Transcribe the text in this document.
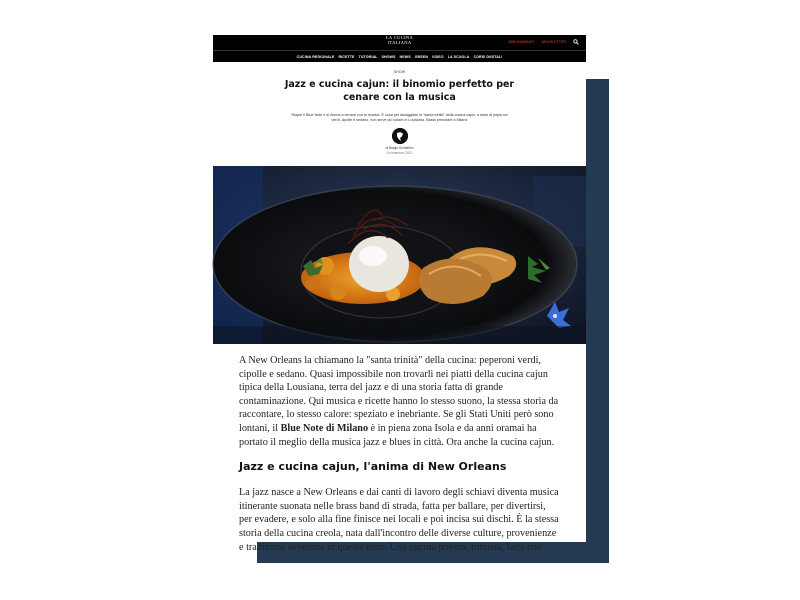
LA CUCINA
ITALIANA	ABBONAMENTI NEWSLETTER
CUCINA REGIONALE RICETTE TUTORIAL SHOWS NEWS GREEN VIDEO LA SCUOLA CORSI DIGITALI
SHOW
Jazz e cucina cajun: il binomio perfetto per cenare con la musica
Riapre il Blue Note e si ritorna a cenare con la musica. E cosa per assaggiare la "santa trinità" della cucina cajun, a base di peperoni verdi, cipolle e sedano, non serve più volare in Louisiana. Basta prenotare a Milano
di Biagio Schiattino
6 novembre 2021

A New Orleans la chiamano la "santa trinità" della cucina: peperoni verdi, cipolle e sedano. Quasi impossibile non trovarli nei piatti della cucina cajun tipica della Lousiana, terra del jazz e di una storia fatta di grande contaminazione. Qui musica e ricette hanno lo stesso suono, la stessa storia da raccontare, lo stesso calore: speziato e inebriante. Se gli Stati Uniti però sono lontani, il Blue Note di Milano è in piena zona Isola e da anni oramai ha portato il meglio della musica jazz e blues in città. Ora anche la cucina cajun.

Jazz e cucina cajun, l'anima di New Orleans

La jazz nasce a New Orleans e dai canti di lavoro degli schiavi diventa musica itinerante suonata nelle brass band di strada, fatta per ballare, per divertirsi, per evadere, e solo alla fine finisce nei locali e poi incisa sui dischi. È la stessa storia della cucina creola, nata dall'incontro delle diverse culture, provenienze e tradizioni avvenuta in queste terre. Una cucina povera, robusta, fatta con
